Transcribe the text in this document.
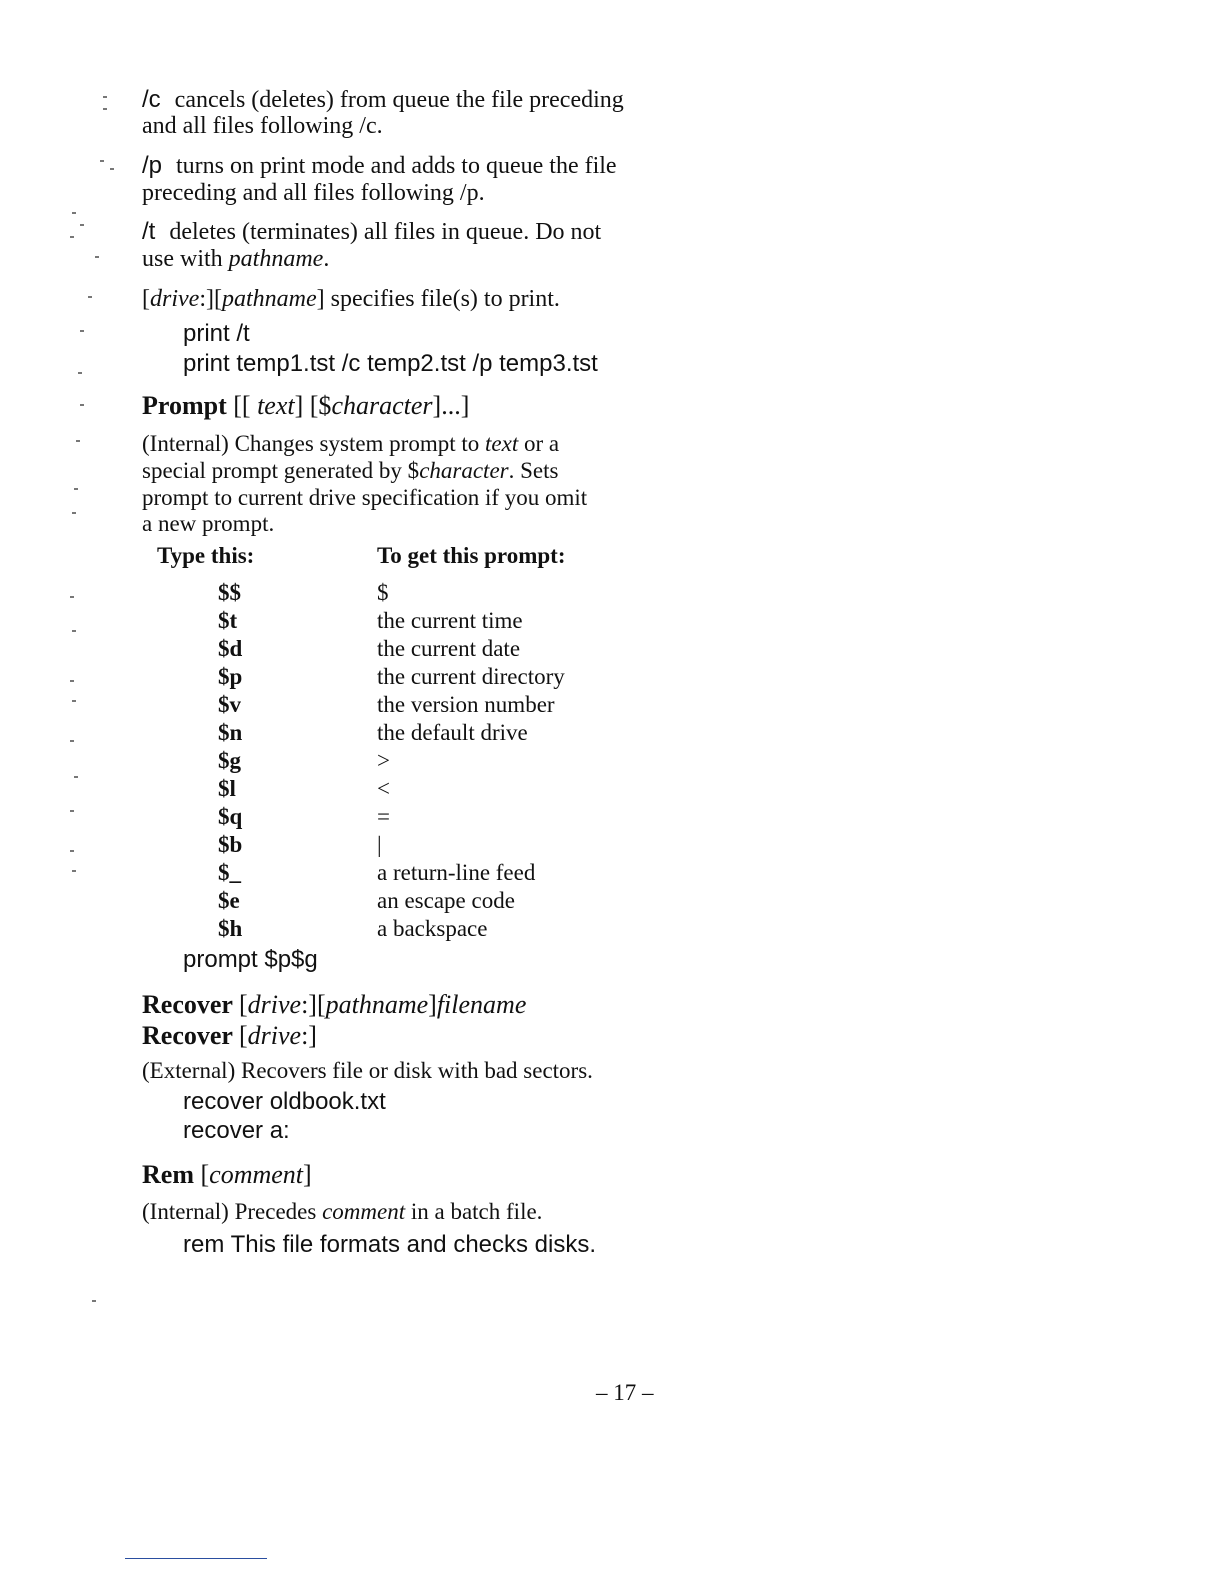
/c cancels (deletes) from queue the file preceding
and all files following /c.
/p turns on print mode and adds to queue the file
preceding and all files following /p.
/t deletes (terminates) all files in queue. Do not
use with pathname.
[drive:][pathname] specifies file(s) to print.
print /t
print temp1.tst /c temp2.tst /p temp3.tst
Prompt [[ text] [$character]...]
(Internal) Changes system prompt to text or a
special prompt generated by $character. Sets
prompt to current drive specification if you omit
a new prompt.
Type this:	To get this prompt:
$$	$
$t	the current time
$d	the current date
$p	the current directory
$v	the version number
$n	the default drive
$g	>
$l	<
$q	=
$b	|
$_	a return-line feed
$e	an escape code
$h	a backspace
prompt $p$g
Recover [drive:][pathname]filename
Recover [drive:]
(External) Recovers file or disk with bad sectors.
recover oldbook.txt
recover a:
Rem [comment]
(Internal) Precedes comment in a batch file.
rem This file formats and checks disks.
– 17 –
